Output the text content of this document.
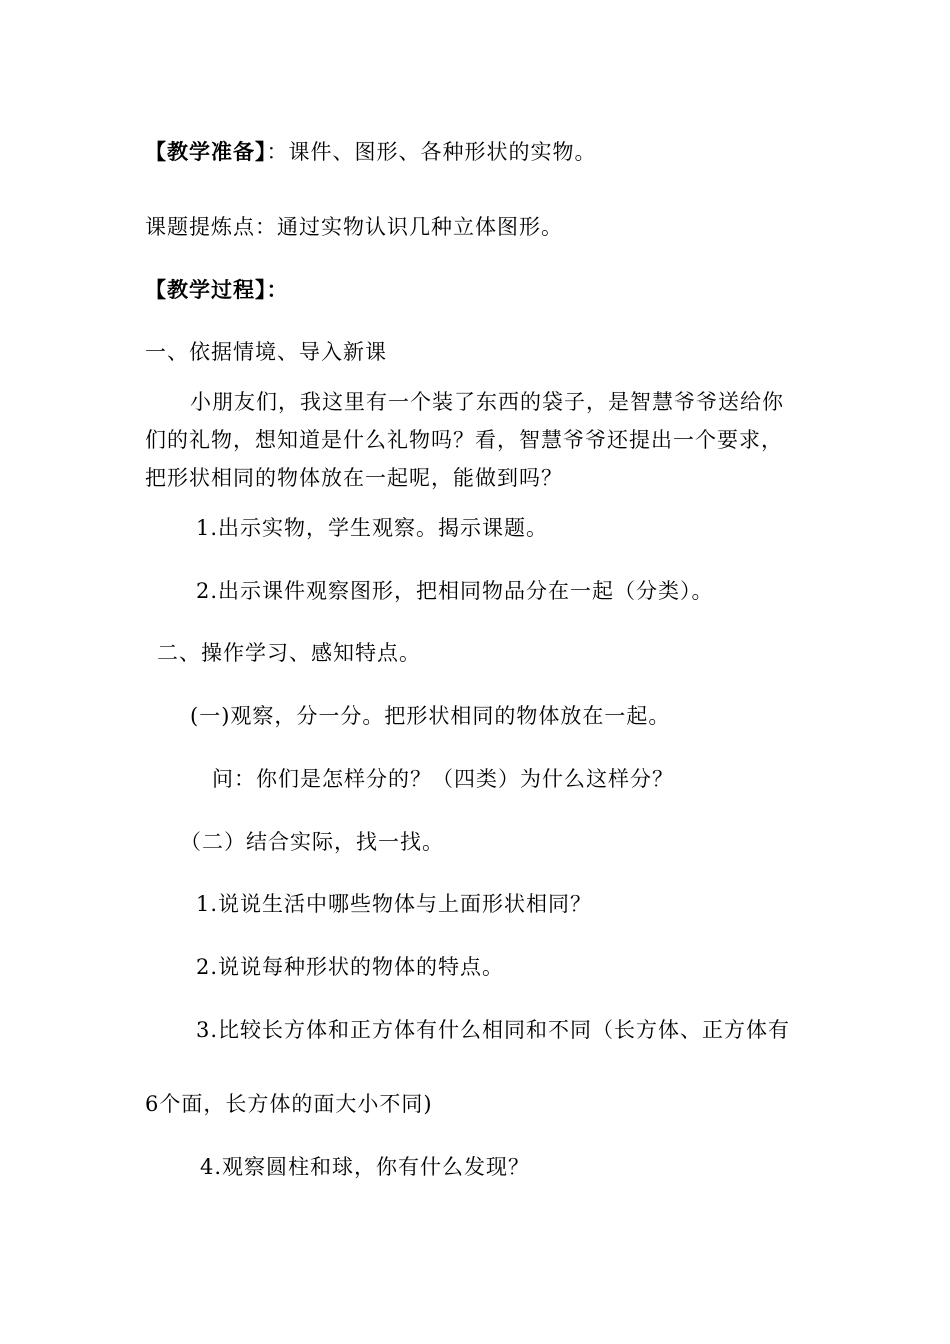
【教学准备】：课件、图形、各种形状的实物。
课题提炼点：通过实物认识几种立体图形。
【教学过程】：
一、依据情境、导入新课
小朋友们，我这里有一个装了东西的袋子，是智慧爷爷送给你
们的礼物，想知道是什么礼物吗？看，智慧爷爷还提出一个要求，
把形状相同的物体放在一起呢，能做到吗？
1.出示实物，学生观察。揭示课题。
2.出示课件观察图形，把相同物品分在一起（分类）。
二、操作学习、感知特点。
(一)观察，分一分。把形状相同的物体放在一起。
问：你们是怎样分的？（四类）为什么这样分？
（二）结合实际，找一找。
1.说说生活中哪些物体与上面形状相同？
2.说说每种形状的物体的特点。
3.比较长方体和正方体有什么相同和不同（长方体、正方体有
6个面，长方体的面大小不同)
4.观察圆柱和球，你有什么发现？
